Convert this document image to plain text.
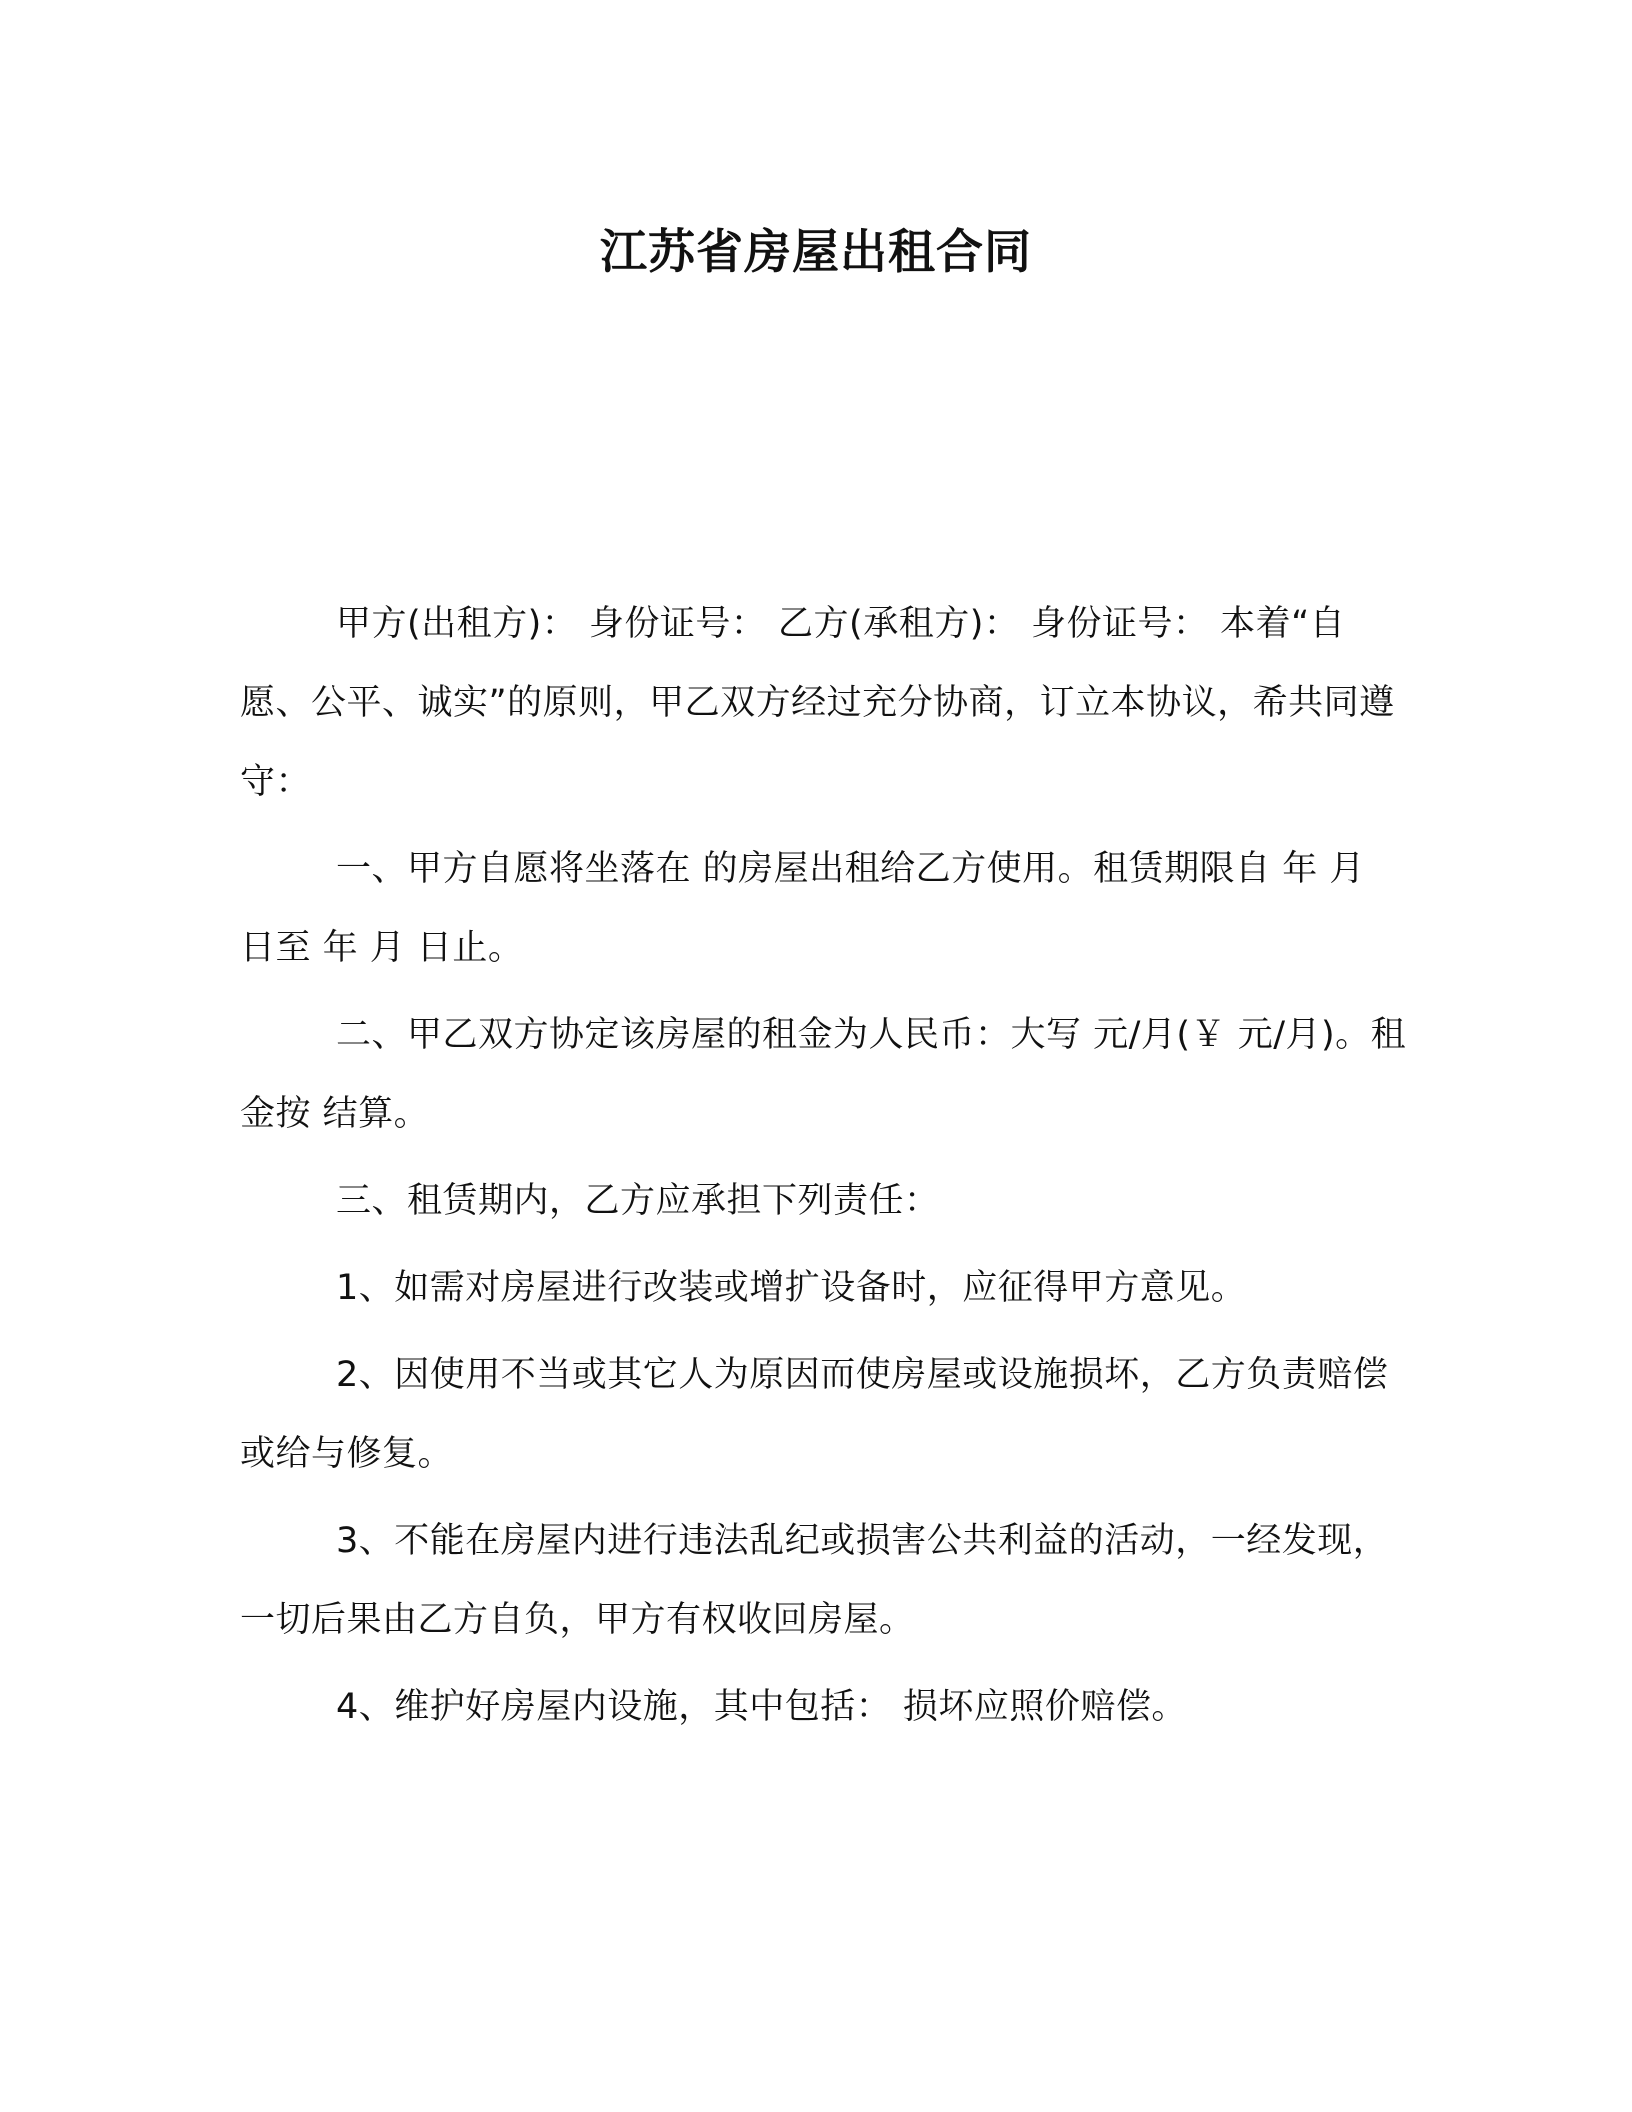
江苏省房屋出租合同

甲方(出租方)： 身份证号： 乙方(承租方)： 身份证号： 本着“自愿、公平、诚实”的原则，甲乙双方经过充分协商，订立本协议，希共同遵守：

一、甲方自愿将坐落在 的房屋出租给乙方使用。租赁期限自 年 月 日至 年 月 日止。

二、甲乙双方协定该房屋的租金为人民币：大写 元/月(￥ 元/月)。租金按 结算。

三、租赁期内，乙方应承担下列责任：

1、如需对房屋进行改装或增扩设备时，应征得甲方意见。

2、因使用不当或其它人为原因而使房屋或设施损坏，乙方负责赔偿或给与修复。

3、不能在房屋内进行违法乱纪或损害公共利益的活动，一经发现，一切后果由乙方自负，甲方有权收回房屋。

4、维护好房屋内设施，其中包括： 损坏应照价赔偿。
